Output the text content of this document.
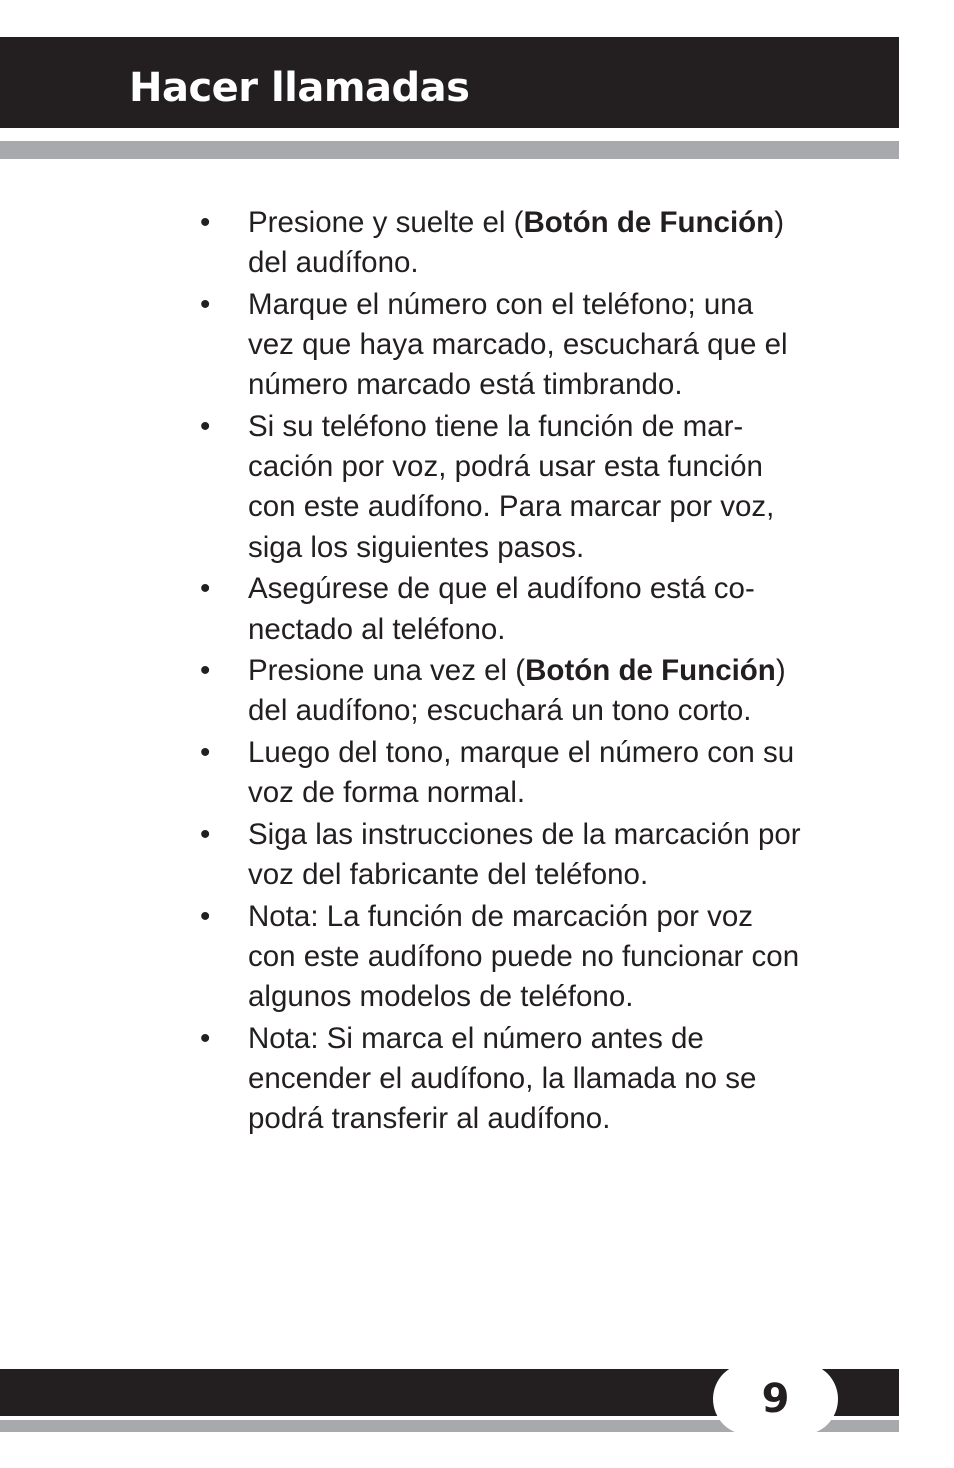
Hacer llamadas
• Presione y suelte el (Botón de Función)
del audífono.
• Marque el número con el teléfono; una
vez que haya marcado, escuchará que el
número marcado está timbrando.
• Si su teléfono tiene la función de mar-
cación por voz, podrá usar esta función
con este audífono. Para marcar por voz,
siga los siguientes pasos.
• Asegúrese de que el audífono está co-
nectado al teléfono.
• Presione una vez el (Botón de Función)
del audífono; escuchará un tono corto.
• Luego del tono, marque el número con su
voz de forma normal.
• Siga las instrucciones de la marcación por
voz del fabricante del teléfono.
• Nota: La función de marcación por voz
con este audífono puede no funcionar con
algunos modelos de teléfono.
• Nota: Si marca el número antes de
encender el audífono, la llamada no se
podrá transferir al audífono.
9
